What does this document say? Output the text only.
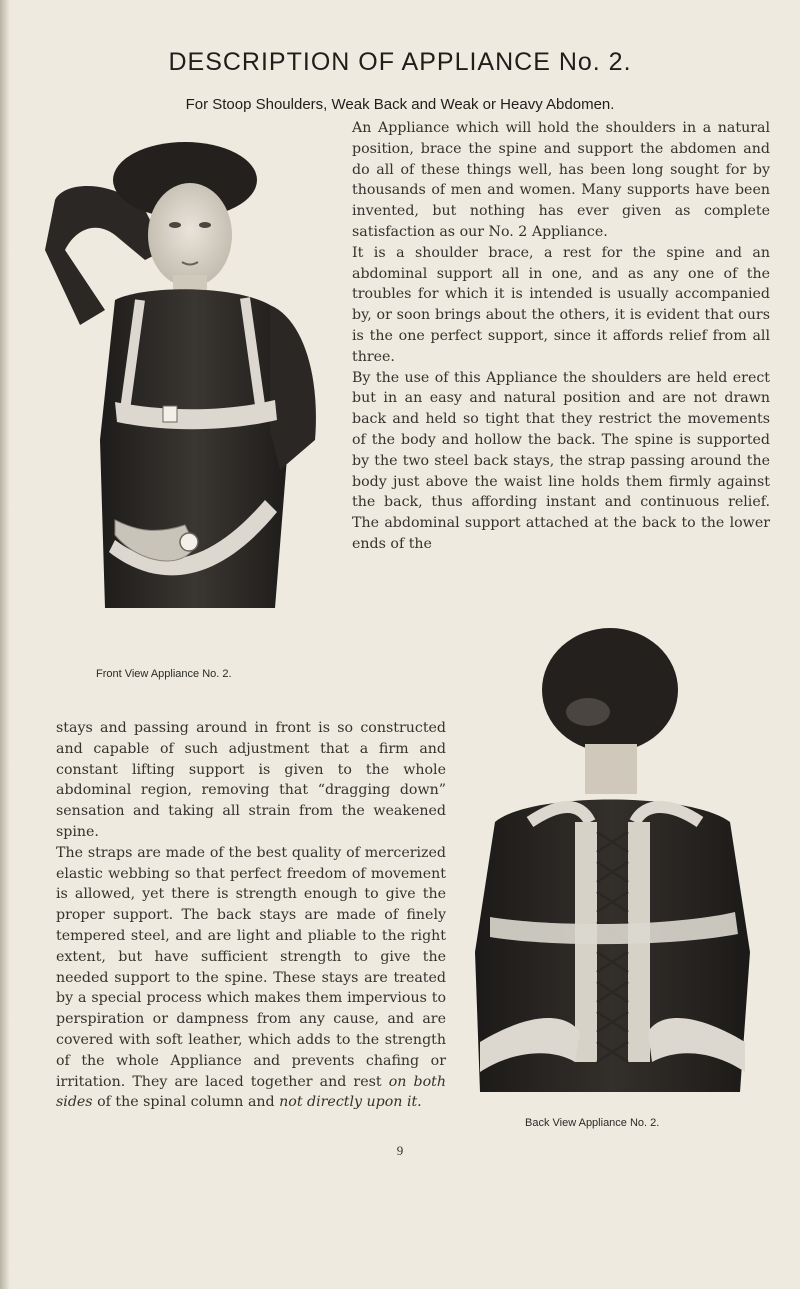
DESCRIPTION OF APPLIANCE No. 2.
For Stoop Shoulders, Weak Back and Weak or Heavy Abdomen.
Front View Appliance No. 2.

An Appliance which will hold the shoulders in a natural position, brace the spine and support the abdomen and do all of these things well, has been long sought for by thousands of men and women. Many supports have been invented, but nothing has ever given as complete satisfaction as our No. 2 Appliance.

It is a shoulder brace, a rest for the spine and an abdominal support all in one, and as any one of the troubles for which it is intended is usually accompanied by, or soon brings about the others, it is evident that ours is the one perfect support, since it affords relief from all three.

By the use of this Appliance the shoulders are held erect but in an easy and natural position and are not drawn back and held so tight that they restrict the movements of the body and hollow the back. The spine is supported by the two steel back stays, the strap passing around the body just above the waist line holds them firmly against the back, thus affording instant and continuous relief. The abdominal support attached at the back to the lower ends of the

stays and passing around in front is so constructed and capable of such adjustment that a firm and constant lifting support is given to the whole abdominal region, removing that “dragging down” sensation and taking all strain from the weakened spine.

The straps are made of the best quality of mercerized elastic webbing so that perfect freedom of movement is allowed, yet there is strength enough to give the proper support. The back stays are made of finely tempered steel, and are light and pliable to the right extent, but have sufficient strength to give the needed support to the spine. These stays are treated by a special process which makes them impervious to perspiration or dampness from any cause, and are covered with soft leather, which adds to the strength of the whole Appliance and prevents chafing or irritation. They are laced together and rest on both sides of the spinal column and not directly upon it.

Back View Appliance No. 2.
9
